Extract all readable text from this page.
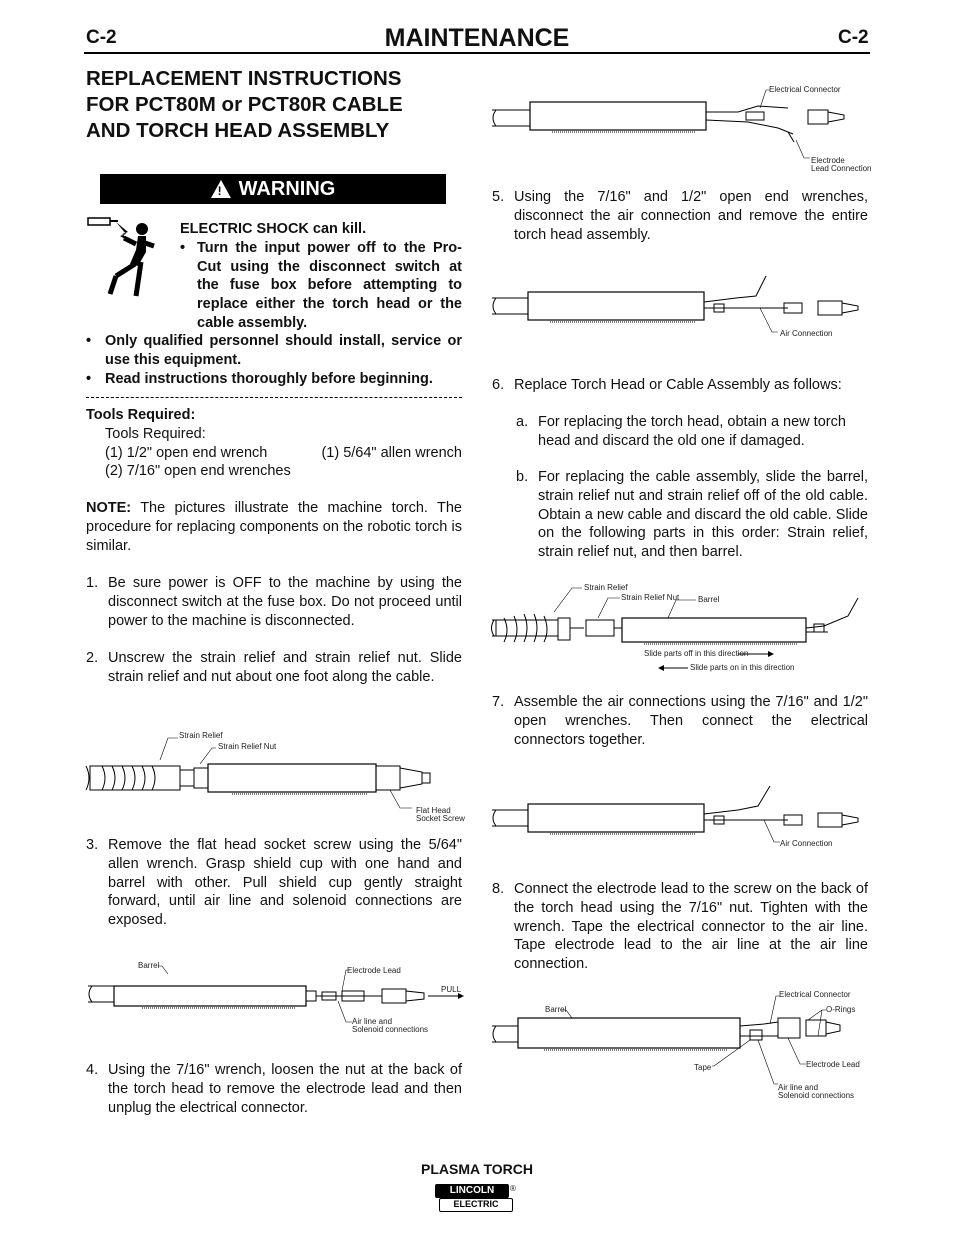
C-2	MAINTENANCE	C-2
REPLACEMENT INSTRUCTIONS
FOR PCT80M or PCT80R CABLE
AND TORCH HEAD ASSEMBLY
! WARNING
ELECTRIC SHOCK can kill.
• Turn the input power off to the Pro-Cut using the disconnect switch at the fuse box before attempting to replace either the torch head or the cable assembly.
• Only qualified personnel should install, service or use this equipment.
• Read instructions thoroughly before beginning.
Tools Required:
Tools Required:
(1) 1/2" open end wrench	(1) 5/64" allen wrench
(2) 7/16" open end wrenches
NOTE: The pictures illustrate the machine torch. The procedure for replacing components on the robotic torch is similar.
1. Be sure power is OFF to the machine by using the disconnect switch at the fuse box. Do not proceed until power to the machine is disconnected.
2. Unscrew the strain relief and strain relief nut. Slide strain relief and nut about one foot along the cable.
Strain Relief
Strain Relief Nut
Flat Head
Socket Screw
3. Remove the flat head socket screw using the 5/64" allen wrench. Grasp shield cup with one hand and barrel with other. Pull shield cup gently straight forward, until air line and solenoid connections are exposed.
Barrel
Electrode Lead
PULL
Air line and
Solenoid connections
4. Using the 7/16" wrench, loosen the nut at the back of the torch head to remove the electrode lead and then unplug the electrical connector.
Electrical Connector
Electrode
Lead Connection
5. Using the 7/16" and 1/2" open end wrenches, disconnect the air connection and remove the entire torch head assembly.
Air Connection
6. Replace Torch Head or Cable Assembly as follows:
a. For replacing the torch head, obtain a new torch head and discard the old one if damaged.
b. For replacing the cable assembly, slide the barrel, strain relief nut and strain relief off of the old cable. Obtain a new cable and discard the old cable. Slide on the following parts in this order: Strain relief, strain relief nut, and then barrel.
Strain Relief
Strain Relief Nut Barrel
Slide parts off in this direction
Slide parts on in this direction
7. Assemble the air connections using the 7/16" and 1/2" open wrenches. Then connect the electrical connectors together.
Air Connection
8. Connect the electrode lead to the screw on the back of the torch head using the 7/16" nut. Tighten with the wrench. Tape the electrical connector to the air line. Tape electrode lead to the air line at the air line connection.
Barrel
Electrical Connector
O-Rings
Electrode Lead
Tape
Air line and
Solenoid connections
PLASMA TORCH
LINCOLN
ELECTRIC
®
